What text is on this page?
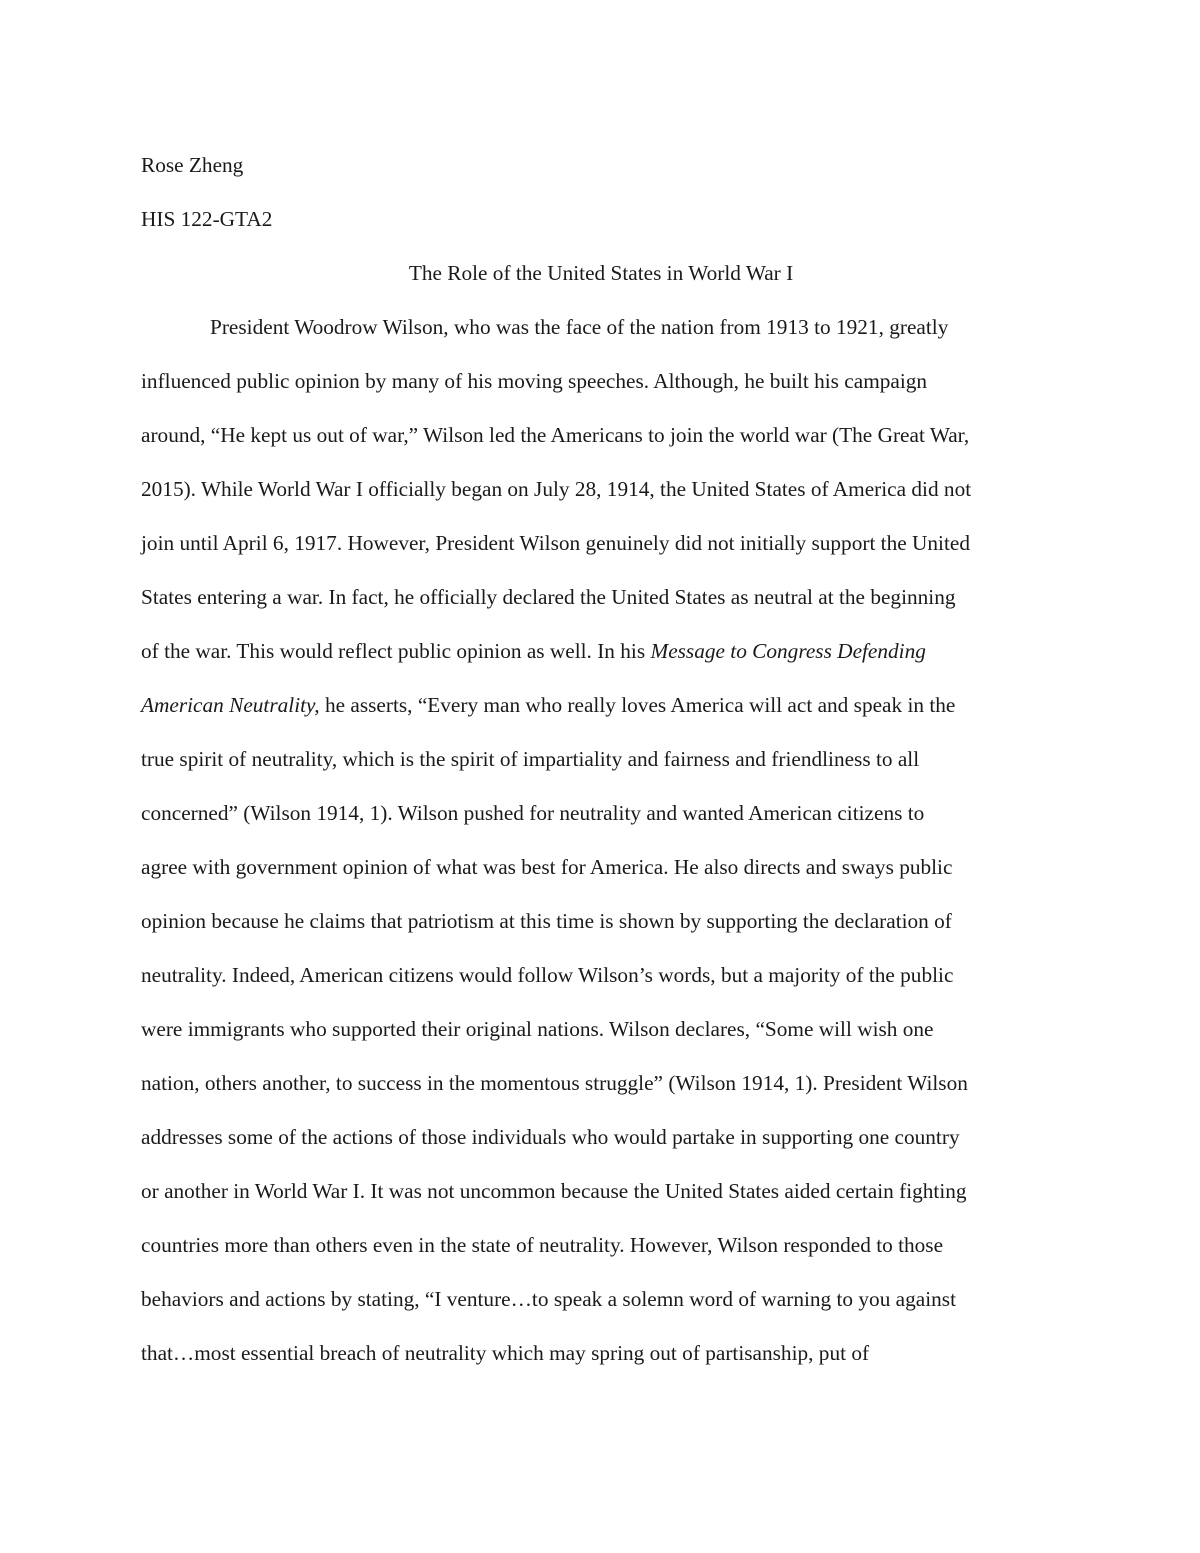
Rose Zheng
HIS 122-GTA2
The Role of the United States in World War I
President Woodrow Wilson, who was the face of the nation from 1913 to 1921, greatly
influenced public opinion by many of his moving speeches. Although, he built his campaign
around, “He kept us out of war,” Wilson led the Americans to join the world war (The Great War,
2015). While World War I officially began on July 28, 1914, the United States of America did not
join until April 6, 1917. However, President Wilson genuinely did not initially support the United
States entering a war. In fact, he officially declared the United States as neutral at the beginning
of the war. This would reflect public opinion as well. In his Message to Congress Defending
American Neutrality, he asserts, “Every man who really loves America will act and speak in the
true spirit of neutrality, which is the spirit of impartiality and fairness and friendliness to all
concerned” (Wilson 1914, 1). Wilson pushed for neutrality and wanted American citizens to
agree with government opinion of what was best for America. He also directs and sways public
opinion because he claims that patriotism at this time is shown by supporting the declaration of
neutrality. Indeed, American citizens would follow Wilson’s words, but a majority of the public
were immigrants who supported their original nations. Wilson declares, “Some will wish one
nation, others another, to success in the momentous struggle” (Wilson 1914, 1). President Wilson
addresses some of the actions of those individuals who would partake in supporting one country
or another in World War I. It was not uncommon because the United States aided certain fighting
countries more than others even in the state of neutrality. However, Wilson responded to those
behaviors and actions by stating, “I venture…to speak a solemn word of warning to you against
that…most essential breach of neutrality which may spring out of partisanship, put of
